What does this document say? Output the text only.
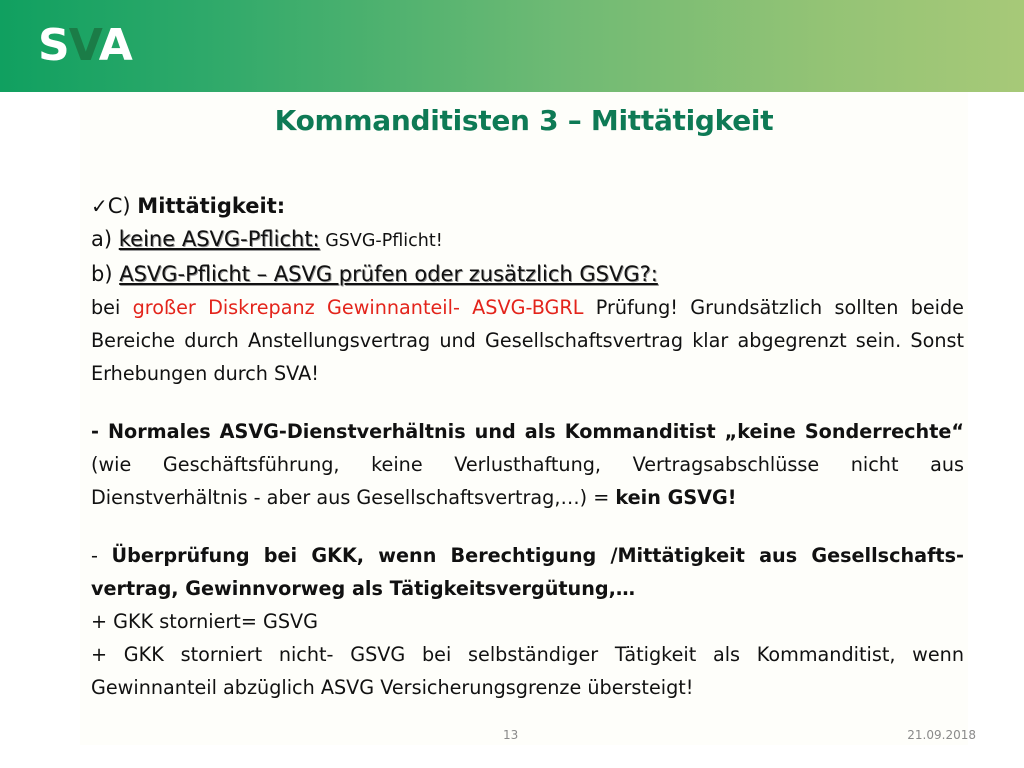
SVA
Kommanditisten 3 – Mittätigkeit
✓C) Mittätigkeit:
a) keine ASVG-Pflicht: GSVG-Pflicht!
b) ASVG-Pflicht – ASVG prüfen oder zusätzlich GSVG?:
bei großer Diskrepanz Gewinnanteil- ASVG-BGRL Prüfung! Grundsätzlich sollten beide Bereiche durch Anstellungsvertrag und Gesellschaftsvertrag klar abgegrenzt sein. Sonst Erhebungen durch SVA!
- Normales ASVG-Dienstverhältnis und als Kommanditist „keine Sonderrechte“ (wie Geschäftsführung, keine Verlusthaftung, Vertragsabschlüsse nicht aus Dienstverhältnis - aber aus Gesellschaftsvertrag,…) = kein GSVG!
- Überprüfung bei GKK, wenn Berechtigung /Mittätigkeit aus Gesellschafts-vertrag, Gewinnvorweg als Tätigkeitsvergütung,…
+ GKK storniert= GSVG
+ GKK storniert nicht- GSVG bei selbständiger Tätigkeit als Kommanditist, wenn Gewinnanteil abzüglich ASVG Versicherungsgrenze übersteigt!
13	21.09.2018
